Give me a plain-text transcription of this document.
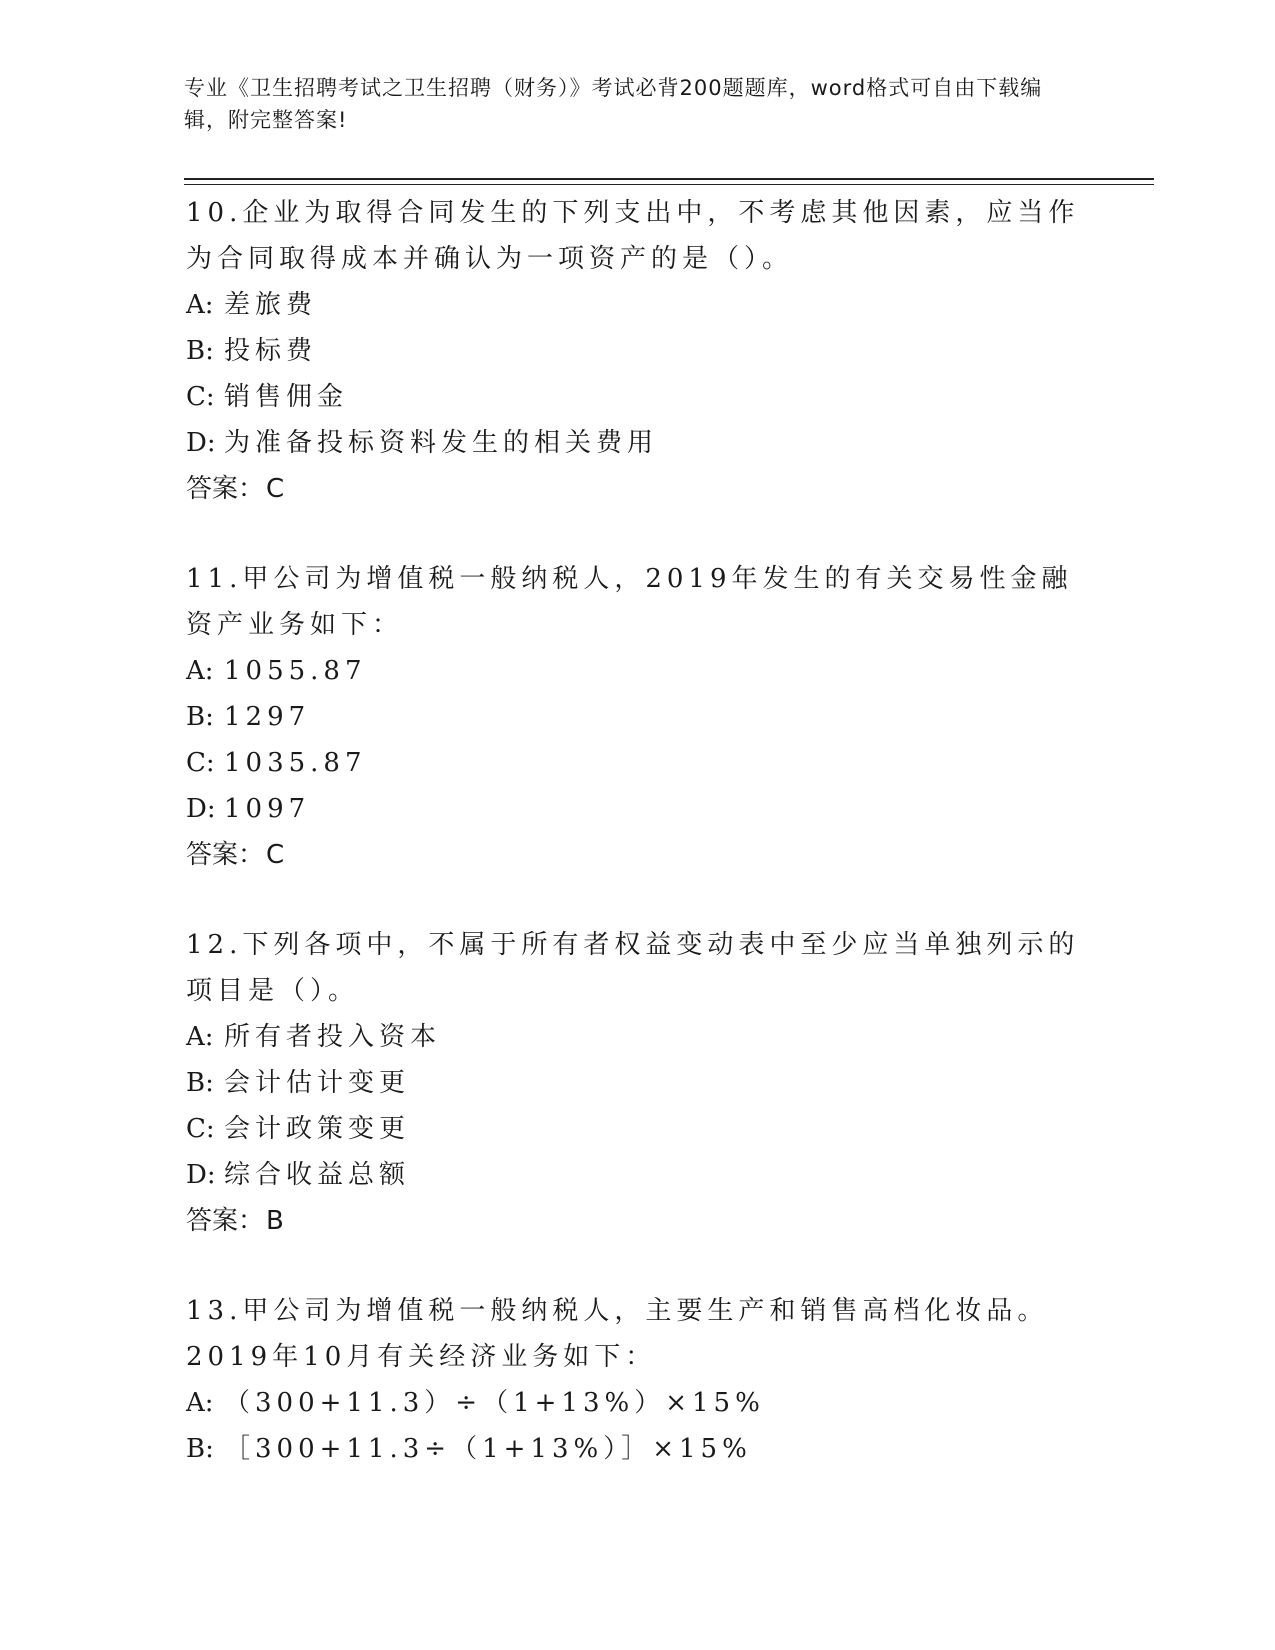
专业《卫生招聘考试之卫生招聘（财务）》考试必背200题题库，word格式可自由下载编辑，附完整答案!

10.企业为取得合同发生的下列支出中，不考虑其他因素，应当作为合同取得成本并确认为一项资产的是（）。

A: 差旅费

B: 投标费

C: 销售佣金

D: 为准备投标资料发生的相关费用

答案：C

11.甲公司为增值税一般纳税人，2019年发生的有关交易性金融资产业务如下：

A: 1055.87

B: 1297

C: 1035.87

D: 1097

答案：C

12.下列各项中，不属于所有者权益变动表中至少应当单独列示的项目是（）。

A: 所有者投入资本

B: 会计估计变更

C: 会计政策变更

D: 综合收益总额

答案：B

13.甲公司为增值税一般纳税人，主要生产和销售高档化妆品。2019年10月有关经济业务如下：

A: （300+11.3）÷（1+13%）×15%

B: ［300+11.3÷（1+13%）］×15%
